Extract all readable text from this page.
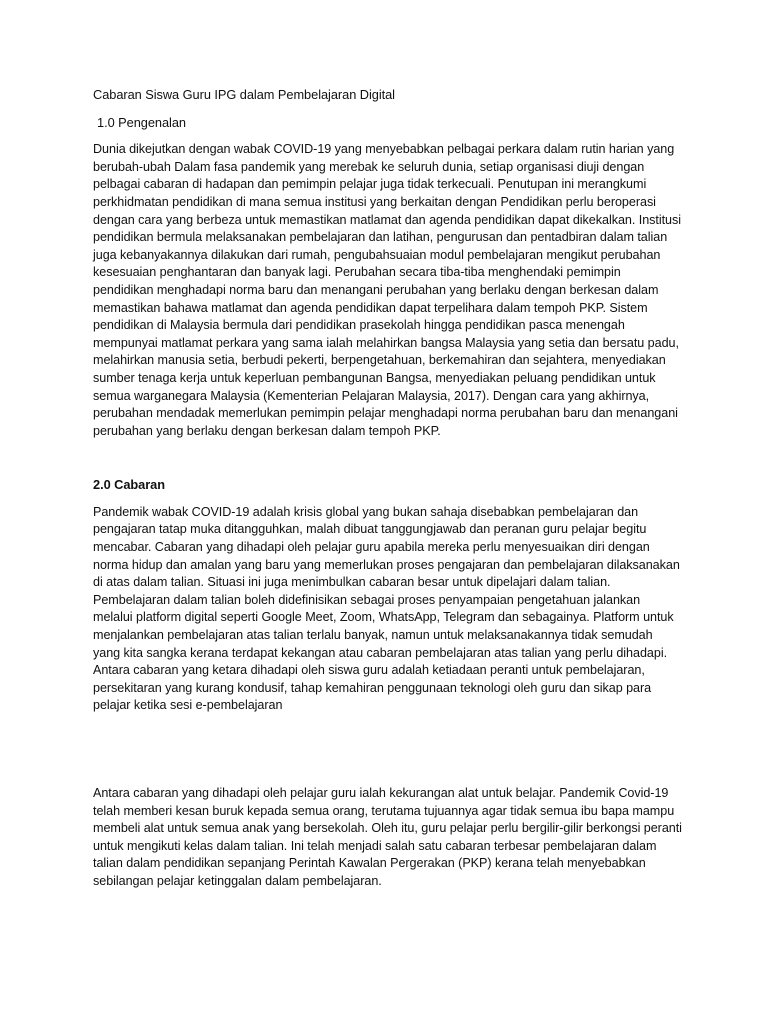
Cabaran Siswa Guru IPG dalam Pembelajaran Digital
1.0 Pengenalan

Dunia dikejutkan dengan wabak COVID-19 yang menyebabkan pelbagai perkara dalam rutin harian yang berubah-ubah Dalam fasa pandemik yang merebak ke seluruh dunia, setiap organisasi diuji dengan pelbagai cabaran di hadapan dan pemimpin pelajar juga tidak terkecuali. Penutupan ini merangkumi perkhidmatan pendidikan di mana semua institusi yang berkaitan dengan Pendidikan perlu beroperasi dengan cara yang berbeza untuk memastikan matlamat dan agenda pendidikan dapat dikekalkan. Institusi pendidikan bermula melaksanakan pembelajaran dan latihan, pengurusan dan pentadbiran dalam talian juga kebanyakannya dilakukan dari rumah, pengubahsuaian modul pembelajaran mengikut perubahan kesesuaian penghantaran dan banyak lagi. Perubahan secara tiba-tiba menghendaki pemimpin pendidikan menghadapi norma baru dan menangani perubahan yang berlaku dengan berkesan dalam memastikan bahawa matlamat dan agenda pendidikan dapat terpelihara dalam tempoh PKP. Sistem pendidikan di Malaysia bermula dari pendidikan prasekolah hingga pendidikan pasca menengah mempunyai matlamat perkara yang sama ialah melahirkan bangsa Malaysia yang setia dan bersatu padu, melahirkan manusia setia, berbudi pekerti, berpengetahuan, berkemahiran dan sejahtera, menyediakan sumber tenaga kerja untuk keperluan pembangunan Bangsa, menyediakan peluang pendidikan untuk semua warganegara Malaysia (Kementerian Pelajaran Malaysia, 2017). Dengan cara yang akhirnya, perubahan mendadak memerlukan pemimpin pelajar menghadapi norma perubahan baru dan menangani perubahan yang berlaku dengan berkesan dalam tempoh PKP.

2.0 Cabaran

Pandemik wabak COVID-19 adalah krisis global yang bukan sahaja disebabkan pembelajaran dan pengajaran tatap muka ditangguhkan, malah dibuat tanggungjawab dan peranan guru pelajar begitu mencabar. Cabaran yang dihadapi oleh pelajar guru apabila mereka perlu menyesuaikan diri dengan norma hidup dan amalan yang baru yang memerlukan proses pengajaran dan pembelajaran dilaksanakan di atas dalam talian. Situasi ini juga menimbulkan cabaran besar untuk dipelajari dalam talian. Pembelajaran dalam talian boleh didefinisikan sebagai proses penyampaian pengetahuan jalankan melalui platform digital seperti Google Meet, Zoom, WhatsApp, Telegram dan sebagainya. Platform untuk menjalankan pembelajaran atas talian terlalu banyak, namun untuk melaksanakannya tidak semudah yang kita sangka kerana terdapat kekangan atau cabaran pembelajaran atas talian yang perlu dihadapi. Antara cabaran yang ketara dihadapi oleh siswa guru adalah ketiadaan peranti untuk pembelajaran, persekitaran yang kurang kondusif, tahap kemahiran penggunaan teknologi oleh guru dan sikap para pelajar ketika sesi e-pembelajaran

Antara cabaran yang dihadapi oleh pelajar guru ialah kekurangan alat untuk belajar. Pandemik Covid-19 telah memberi kesan buruk kepada semua orang, terutama tujuannya agar tidak semua ibu bapa mampu membeli alat untuk semua anak yang bersekolah. Oleh itu, guru pelajar perlu bergilir-gilir berkongsi peranti untuk mengikuti kelas dalam talian. Ini telah menjadi salah satu cabaran terbesar pembelajaran dalam talian dalam pendidikan sepanjang Perintah Kawalan Pergerakan (PKP) kerana telah menyebabkan sebilangan pelajar ketinggalan dalam pembelajaran.
